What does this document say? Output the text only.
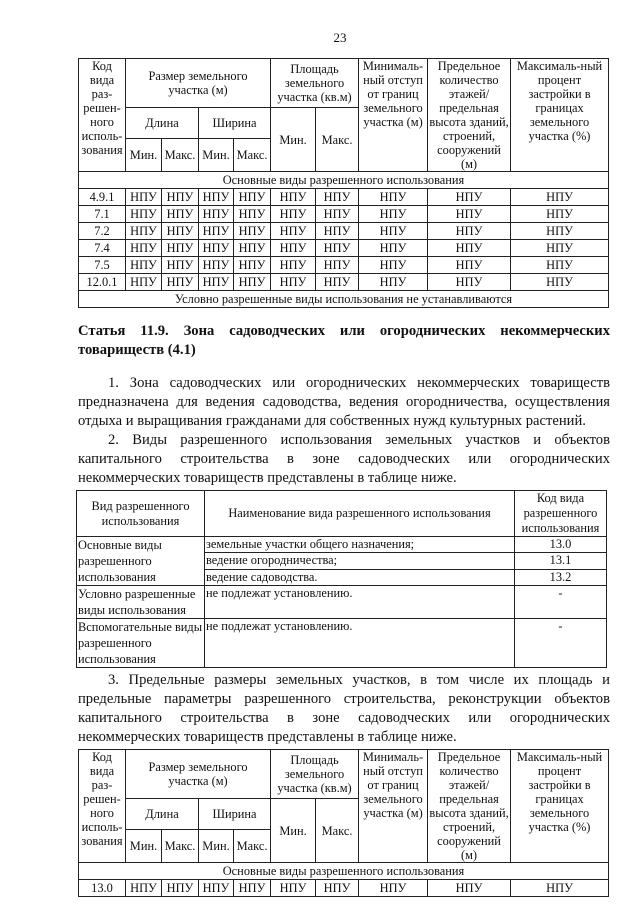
23
Код вида раз-решен-ного исполь-зования	Размер земельного участка (м)				Площадь земельного участка (кв.м)		Минималь-ный отступ от границ земельного участка (м)	Предельное количество этажей/ предельная высота зданий, строений, сооружений (м)	Максималь-ный процент застройки в границах земельного участка (%)
	Длина		Ширина		Мин.	Макс.			
	Мин.	Макс.	Мин.	Макс.					
Основные виды разрешенного использования									
4.9.1	НПУ	НПУ	НПУ	НПУ	НПУ	НПУ	НПУ	НПУ	НПУ
7.1	НПУ	НПУ	НПУ	НПУ	НПУ	НПУ	НПУ	НПУ	НПУ
7.2	НПУ	НПУ	НПУ	НПУ	НПУ	НПУ	НПУ	НПУ	НПУ
7.4	НПУ	НПУ	НПУ	НПУ	НПУ	НПУ	НПУ	НПУ	НПУ
7.5	НПУ	НПУ	НПУ	НПУ	НПУ	НПУ	НПУ	НПУ	НПУ
12.0.1	НПУ	НПУ	НПУ	НПУ	НПУ	НПУ	НПУ	НПУ	НПУ
Условно разрешенные виды использования не устанавливаются									
Статья 11.9. Зона садоводческих или огороднических некоммерческих товариществ (4.1)
1. Зона садоводческих или огороднических некоммерческих товариществ предназначена для ведения садоводства, ведения огородничества, осуществления отдыха и выращивания гражданами для собственных нужд культурных растений.
2. Виды разрешенного использования земельных участков и объектов капитального строительства в зоне садоводческих или огороднических некоммерческих товариществ представлены в таблице ниже.
Вид разрешенного использования	Наименование вида разрешенного использования	Код вида разрешенного использования
Основные виды разрешенного использования	земельные участки общего назначения;	13.0
	ведение огородничества;	13.1
	ведение садоводства.	13.2
Условно разрешенные виды использования	не подлежат установлению.	-
Вспомогательные виды разрешенного использования	не подлежат установлению.	-
3. Предельные размеры земельных участков, в том числе их площадь и предельные параметры разрешенного строительства, реконструкции объектов капитального строительства в зоне садоводческих или огороднических некоммерческих товариществ представлены в таблице ниже.
Код вида раз-решен-ного исполь-зования	Размер земельного участка (м)				Площадь земельного участка (кв.м)		Минималь-ный отступ от границ земельного участка (м)	Предельное количество этажей/ предельная высота зданий, строений, сооружений (м)	Максималь-ный процент застройки в границах земельного участка (%)
	Длина		Ширина		Мин.	Макс.			
	Мин.	Макс.	Мин.	Макс.					
Основные виды разрешенного использования									
13.0	НПУ	НПУ	НПУ	НПУ	НПУ	НПУ	НПУ	НПУ	НПУ
